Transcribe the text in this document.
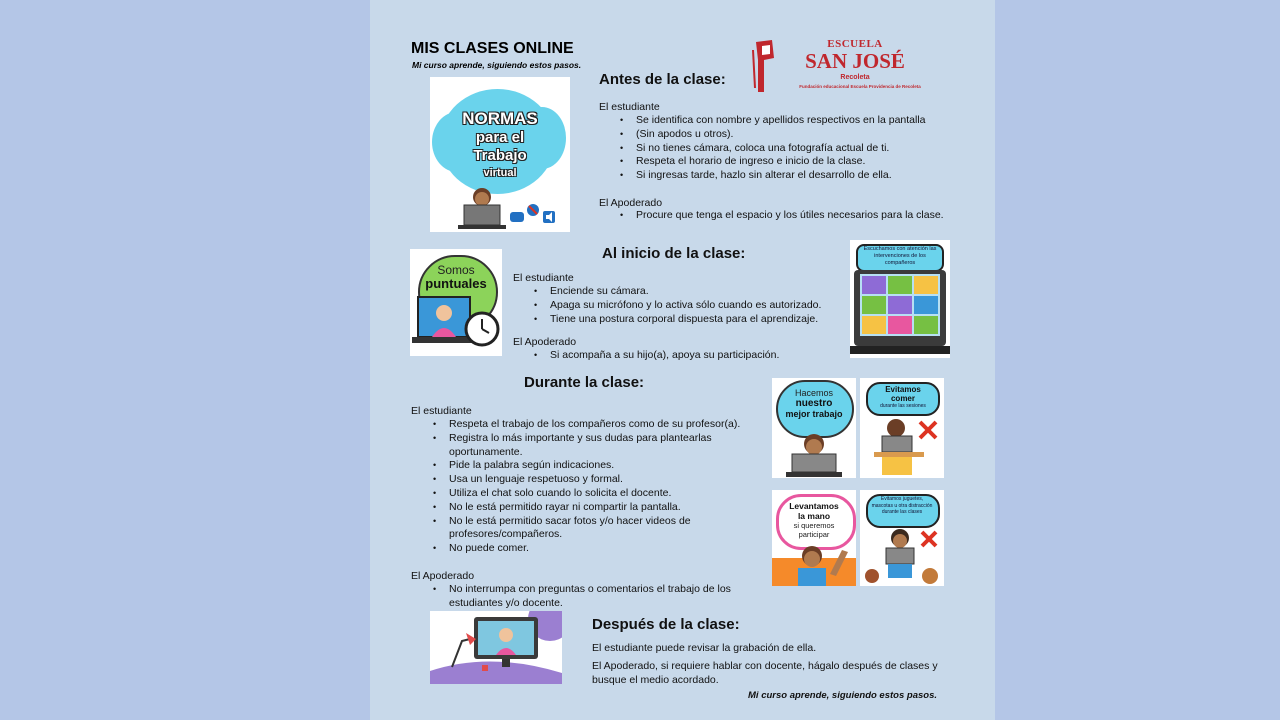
MIS CLASES ONLINE
Mi curso aprende, siguiendo estos pasos.
ESCUELA
SAN JOSÉ
Recoleta
Fundación educacional Escuela Providencia de Recoleta
NORMAS
para el
Trabajo
virtual
Antes de la clase:
El estudiante
• Se identifica con nombre y apellidos respectivos en la pantalla
• (Sin apodos u otros).
• Si no tienes cámara, coloca una fotografía actual de ti.
• Respeta el horario de ingreso e inicio de la clase.
• Si ingresas tarde, hazlo sin alterar el desarrollo de ella.
El Apoderado
• Procure que tenga el espacio y los útiles necesarios para la clase.
Somos
puntuales
Al inicio de la clase:
El estudiante
• Enciende su cámara.
• Apaga su micrófono y lo activa sólo cuando es autorizado.
• Tiene una postura corporal dispuesta para el aprendizaje.
El Apoderado
• Si acompaña a su hijo(a), apoya su participación.
Escuchamos con atención las intervenciones de los compañeros
Durante la clase:
El estudiante
• Respeta el trabajo de los compañeros como de su profesor(a).
• Registra lo más importante y sus dudas para plantearlas oportunamente.
• Pide la palabra según indicaciones.
• Usa un lenguaje respetuoso y formal.
• Utiliza el chat solo cuando lo solicita el docente.
• No le está permitido rayar ni compartir la pantalla.
• No le está permitido sacar fotos y/o hacer videos de profesores/compañeros.
• No puede comer.
El Apoderado
• No interrumpa con preguntas o comentarios el trabajo de los estudiantes y/o docente.
Hacemos
nuestro
mejor trabajo
Evitamos
comer
durante las sesiones
Levantamos
la mano
si queremos
participar
Evitamos juguetes, mascotas u otra distracción durante las clases
Después de la clase:
El estudiante puede revisar la grabación de ella.
El Apoderado, si requiere hablar con docente, hágalo después de clases y busque el medio acordado.
Mi curso aprende, siguiendo estos pasos.
